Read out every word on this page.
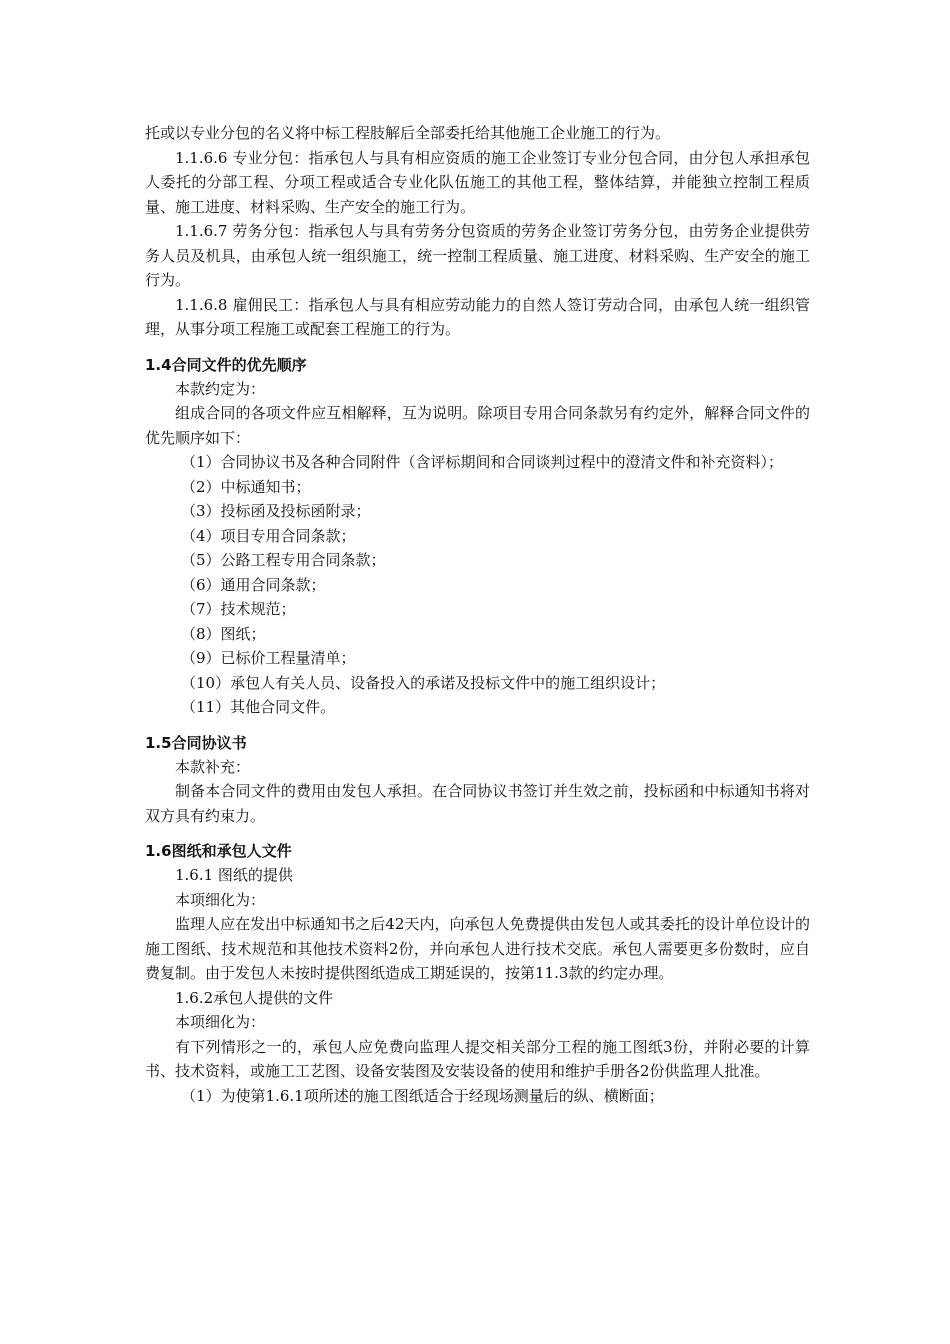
托或以专业分包的名义将中标工程肢解后全部委托给其他施工企业施工的行为。

1.1.6.6 专业分包：指承包人与具有相应资质的施工企业签订专业分包合同，由分包人承担承包人委托的分部工程、分项工程或适合专业化队伍施工的其他工程，整体结算，并能独立控制工程质量、施工进度、材料采购、生产安全的施工行为。

1.1.6.7 劳务分包：指承包人与具有劳务分包资质的劳务企业签订劳务分包，由劳务企业提供劳务人员及机具，由承包人统一组织施工，统一控制工程质量、施工进度、材料采购、生产安全的施工行为。

1.1.6.8 雇佣民工：指承包人与具有相应劳动能力的自然人签订劳动合同，由承包人统一组织管理，从事分项工程施工或配套工程施工的行为。

1.4合同文件的优先顺序

本款约定为：

组成合同的各项文件应互相解释，互为说明。除项目专用合同条款另有约定外，解释合同文件的优先顺序如下：

（1）合同协议书及各种合同附件（含评标期间和合同谈判过程中的澄清文件和补充资料）；

（2）中标通知书；

（3）投标函及投标函附录；

（4）项目专用合同条款；

（5）公路工程专用合同条款；

（6）通用合同条款；

（7）技术规范；

（8）图纸；

（9）已标价工程量清单；

（10）承包人有关人员、设备投入的承诺及投标文件中的施工组织设计；

（11）其他合同文件。

1.5合同协议书

本款补充：

制备本合同文件的费用由发包人承担。在合同协议书签订并生效之前，投标函和中标通知书将对双方具有约束力。

1.6图纸和承包人文件

1.6.1 图纸的提供

本项细化为：

监理人应在发出中标通知书之后42天内，向承包人免费提供由发包人或其委托的设计单位设计的施工图纸、技术规范和其他技术资料2份，并向承包人进行技术交底。承包人需要更多份数时，应自费复制。由于发包人未按时提供图纸造成工期延误的，按第11.3款的约定办理。

1.6.2承包人提供的文件

本项细化为：

有下列情形之一的，承包人应免费向监理人提交相关部分工程的施工图纸3份，并附必要的计算书、技术资料，或施工工艺图、设备安装图及安装设备的使用和维护手册各2份供监理人批准。

（1）为使第1.6.1项所述的施工图纸适合于经现场测量后的纵、横断面；
